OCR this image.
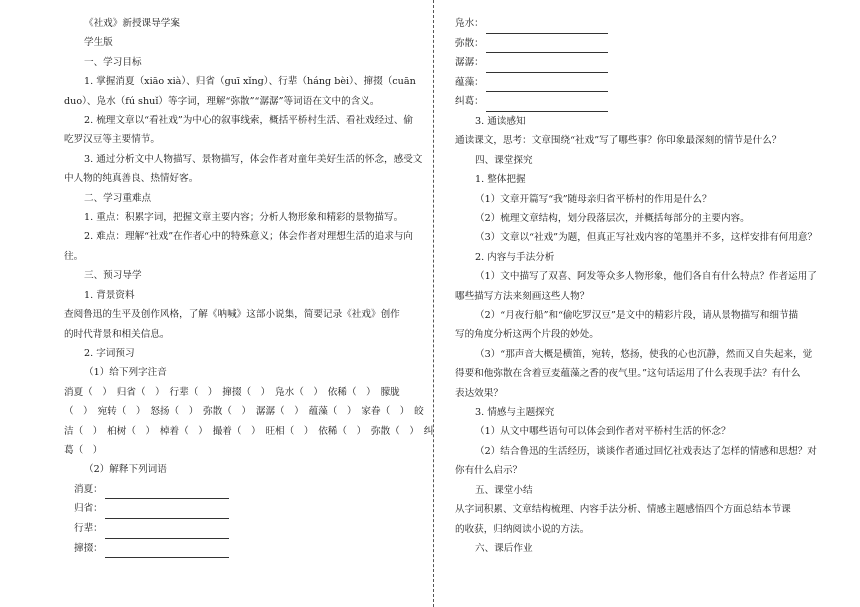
《社戏》新授课导学案
学生版
一、学习目标
1. 掌握消夏（xiāo xià）、归省（guī xǐng）、行辈（háng bèi）、撺掇（cuān
duo）、凫水（fú shuǐ）等字词，理解“弥散”“潺潺”等词语在文中的含义。
2. 梳理文章以“看社戏”为中心的叙事线索，概括平桥村生活、看社戏经过、偷
吃罗汉豆等主要情节。
3. 通过分析文中人物描写、景物描写，体会作者对童年美好生活的怀念，感受文
中人物的纯真善良、热情好客。
二、学习重难点
1. 重点：积累字词，把握文章主要内容；分析人物形象和精彩的景物描写。
2. 难点：理解“社戏”在作者心中的特殊意义；体会作者对理想生活的追求与向
往。
三、预习导学
1. 背景资料
查阅鲁迅的生平及创作风格，了解《呐喊》这部小说集，简要记录《社戏》创作
的时代背景和相关信息。
2. 字词预习
（1）给下列字注音
消夏（　）　归省（　）　行辈（　）　撺掇（　）　凫水（　）　依稀（　）　朦胧
（　）　宛转（　）　怒扬（　）　弥散（　）　潺潺（　）　蕴藻（　）　家眷（　）　皎
洁（　）　桕树（　）　棹着（　）　撮着（　）　旺相（　）　依稀（　）　弥散（　）　纠
葛（　）
（2）解释下列词语
消夏：
归省：
行辈：
撺掇：
凫水：
弥散：
潺潺：
蕴藻：
纠葛：
3. 通读感知
通读课文，思考：文章围绕“社戏”写了哪些事？你印象最深刻的情节是什么？
四、课堂探究
1. 整体把握
（1）文章开篇写“我”随母亲归省平桥村的作用是什么？
（2）梳理文章结构，划分段落层次，并概括每部分的主要内容。
（3）文章以“社戏”为题，但真正写社戏内容的笔墨并不多，这样安排有何用意？
2. 内容与手法分析
（1）文中描写了双喜、阿发等众多人物形象，他们各自有什么特点？作者运用了
哪些描写方法来刻画这些人物？
（2）“月夜行船”和“偷吃罗汉豆”是文中的精彩片段，请从景物描写和细节描
写的角度分析这两个片段的妙处。
（3）“那声音大概是横笛，宛转，悠扬，使我的心也沉静，然而又自失起来，觉
得要和他弥散在含着豆麦蕴藻之香的夜气里。”这句话运用了什么表现手法？有什么
表达效果？
3. 情感与主题探究
（1）从文中哪些语句可以体会到作者对平桥村生活的怀念？
（2）结合鲁迅的生活经历，谈谈作者通过回忆社戏表达了怎样的情感和思想？对
你有什么启示？
五、课堂小结
从字词积累、文章结构梳理、内容手法分析、情感主题感悟四个方面总结本节课
的收获，归纳阅读小说的方法。
六、课后作业
